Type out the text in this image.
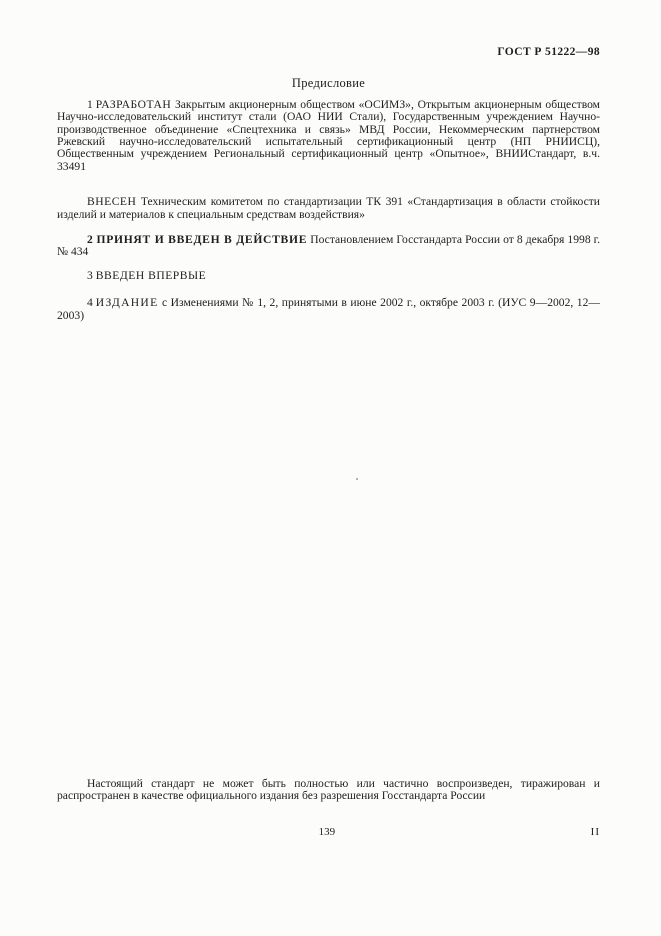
ГОСТ Р 51222—98
Предисловие

1 РАЗРАБОТАН Закрытым акционерным обществом «ОСИМЗ», Открытым акционерным обществом Научно-исследовательский институт стали (ОАО НИИ Стали), Государственным учреждением Научно-производственное объединение «Спецтехника и связь» МВД России, Некоммерческим партнерством Ржевский научно-исследовательский испытательный сертификационный центр (НП РНИИСЦ), Общественным учреждением Региональный сертификационный центр «Опытное», ВНИИСтандарт, в.ч. 33491

ВНЕСЕН Техническим комитетом по стандартизации ТК 391 «Стандартизация в области стойкости изделий и материалов к специальным средствам воздействия»

2 ПРИНЯТ И ВВЕДЕН В ДЕЙСТВИЕ Постановлением Госстандарта России от 8 декабря 1998 г. № 434

3 ВВЕДЕН ВПЕРВЫЕ

4 ИЗДАНИЕ с Изменениями № 1, 2, принятыми в июне 2002 г., октябре 2003 г. (ИУС 9—2002, 12—2003)

Настоящий стандарт не может быть полностью или частично воспроизведен, тиражирован и распространен в качестве официального издания без разрешения Госстандарта России

139	II
